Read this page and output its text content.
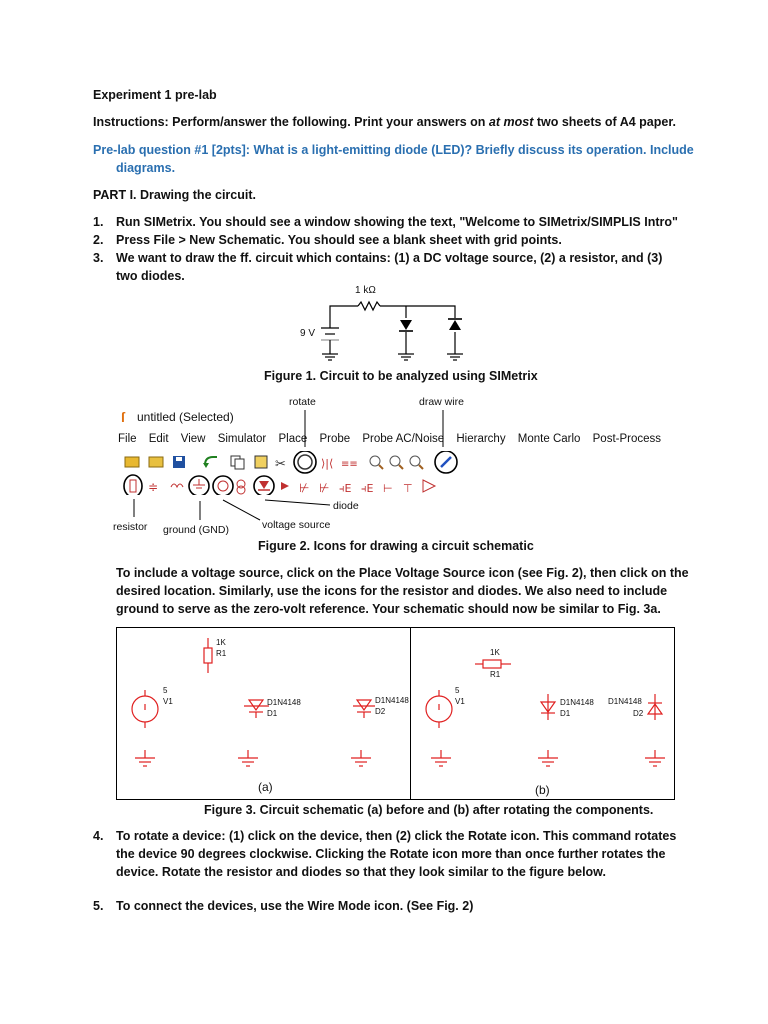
Experiment 1 pre-lab
Instructions: Perform/answer the following. Print your answers on at most two sheets of A4 paper.
Pre-lab question #1 [2pts]: What is a light-emitting diode (LED)? Briefly discuss its operation. Include
diagrams.
PART I. Drawing the circuit.
1. Run SIMetrix. You should see a window showing the text, "Welcome to SIMetrix/SIMPLIS Intro"
2. Press File > New Schematic. You should see a blank sheet with grid points.
3. We want to draw the ff. circuit which contains: (1) a DC voltage source, (2) a resistor, and (3)
two diodes.
1 kΩ
9 V
Figure 1. Circuit to be analyzed using SIMetrix
rotate	draw wire
ſ untitled (Selected)
File Edit View Simulator Place Probe Probe AC/Noise Hierarchy Monte Carlo Post-Process
✂	⟩|⟨ ≡≡
≑	⊬ ⊬ ⫞E ⫞E ⊢ ⊤
diode
resistor ground (GND)	voltage source
Figure 2. Icons for drawing a circuit schematic
To include a voltage source, click on the Place Voltage Source icon (see Fig. 2), then click on the
desired location. Similarly, use the icons for the resistor and diodes. We also need to include
ground to serve as the zero-volt reference. Your schematic should now be similar to Fig. 3a.
1K
R1
5
V1	D1N4148
D1
D1N4148
D2
(a)
1K
R1
5
V1	D1N4148
D1
D1N4148
D2
(b)
Figure 3. Circuit schematic (a) before and (b) after rotating the components.
4. To rotate a device: (1) click on the device, then (2) click the Rotate icon. This command rotates
the device 90 degrees clockwise. Clicking the Rotate icon more than once further rotates the
device. Rotate the resistor and diodes so that they look similar to the figure below.
5. To connect the devices, use the Wire Mode icon. (See Fig. 2)
